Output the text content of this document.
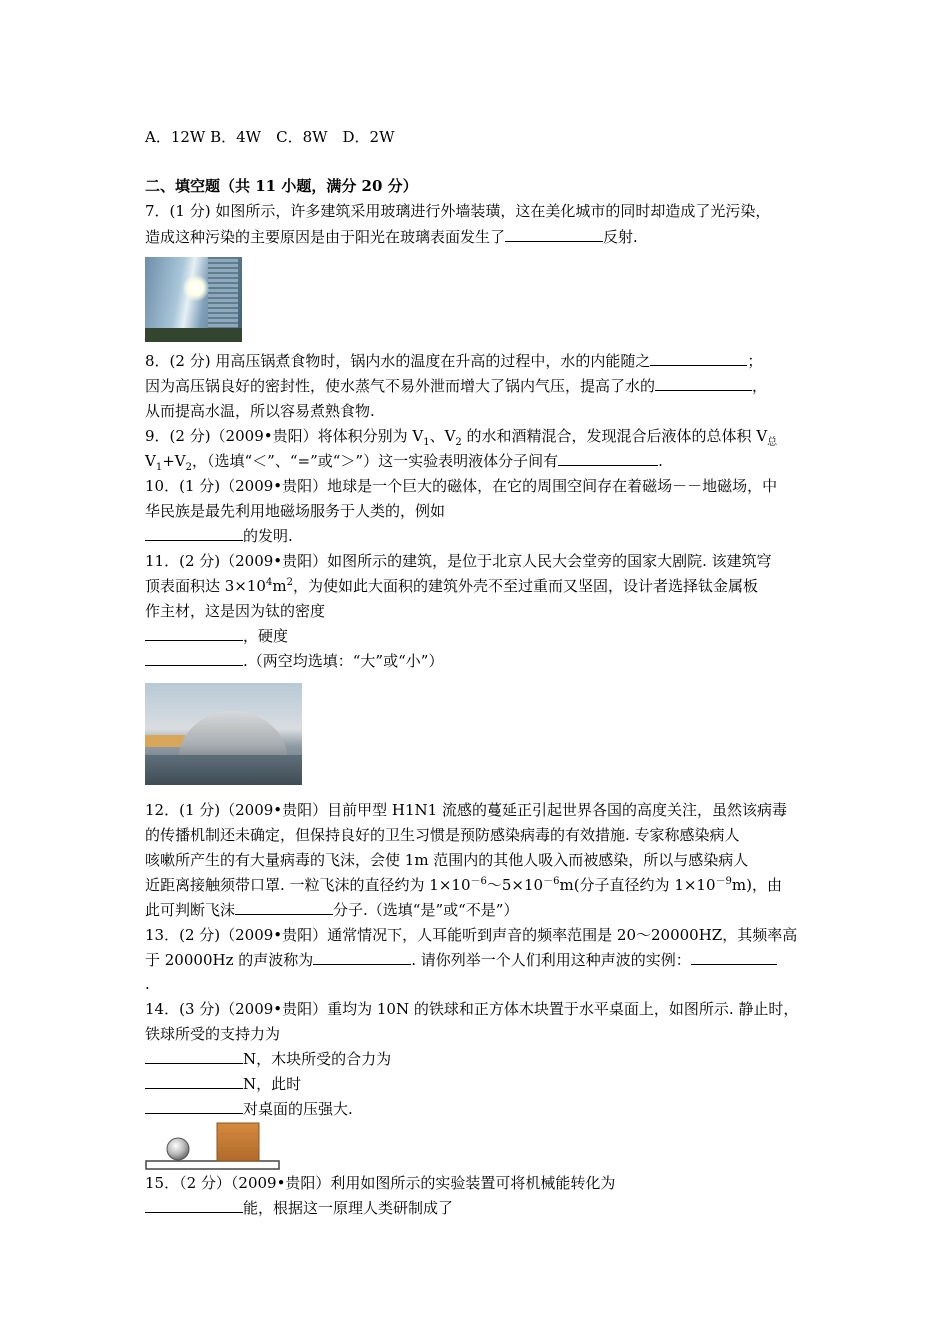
A．12W B．4W　C．8W　D．2W
二、填空题（共 11 小题，满分 20 分）
7．(1 分) 如图所示，许多建筑采用玻璃进行外墙装璜，这在美化城市的同时却造成了光污染，
造成这种污染的主要原因是由于阳光在玻璃表面发生了	反射.
8．(2 分) 用高压锅煮食物时，锅内水的温度在升高的过程中，水的内能随之	；
因为高压锅良好的密封性，使水蒸气不易外泄而增大了锅内气压，提高了水的	，
从而提高水温，所以容易煮熟食物.
9．(2 分)（2009•贵阳）将体积分别为 $V_1$、$V_2$ 的水和酒精混合，发现混合后液体的总体积 $V_总$
$V_1+V_2$，（选填“＜”、“=”或“＞”）这一实验表明液体分子间有	.
10．(1 分)（2009•贵阳）地球是一个巨大的磁体，在它的周围空间存在着磁场－－地磁场，中
华民族是最先利用地磁场服务于人类的，例如
的发明.
11．(2 分)（2009•贵阳）如图所示的建筑，是位于北京人民大会堂旁的国家大剧院. 该建筑穹
顶表面积达 $3\times 10^4m^2$，为使如此大面积的建筑外壳不至过重而又坚固，设计者选择钛金属板
作主材，这是因为钛的密度
，硬度
.（两空均选填：“大”或“小”）
12．(1 分)（2009•贵阳）目前甲型 H1N1 流感的蔓延正引起世界各国的高度关注，虽然该病毒
的传播机制还未确定，但保持良好的卫生习惯是预防感染病毒的有效措施. 专家称感染病人
咳嗽所产生的有大量病毒的飞沫，会使 1m 范围内的其他人吸入而被感染，所以与感染病人
近距离接触须带口罩. 一粒飞沫的直径约为 $1\times 10^{-6}\sim 5\times 10^{-6}m$(分子直径约为 $1\times 10^{-9}m$)，由
此可判断飞沫	分子.（选填“是”或“不是”）
13．(2 分)（2009•贵阳）通常情况下，人耳能听到声音的频率范围是 20～20000HZ，其频率高
于 20000Hz 的声波称为	. 请你列举一个人们利用这种声波的实例：
.
14．(3 分)（2009•贵阳）重均为 10N 的铁球和正方体木块置于水平桌面上，如图所示. 静止时，
铁球所受的支持力为
N，木块所受的合力为
N，此时
对桌面的压强大.
15．（2 分）（2009•贵阳）利用如图所示的实验装置可将机械能转化为
能，根据这一原理人类研制成了
